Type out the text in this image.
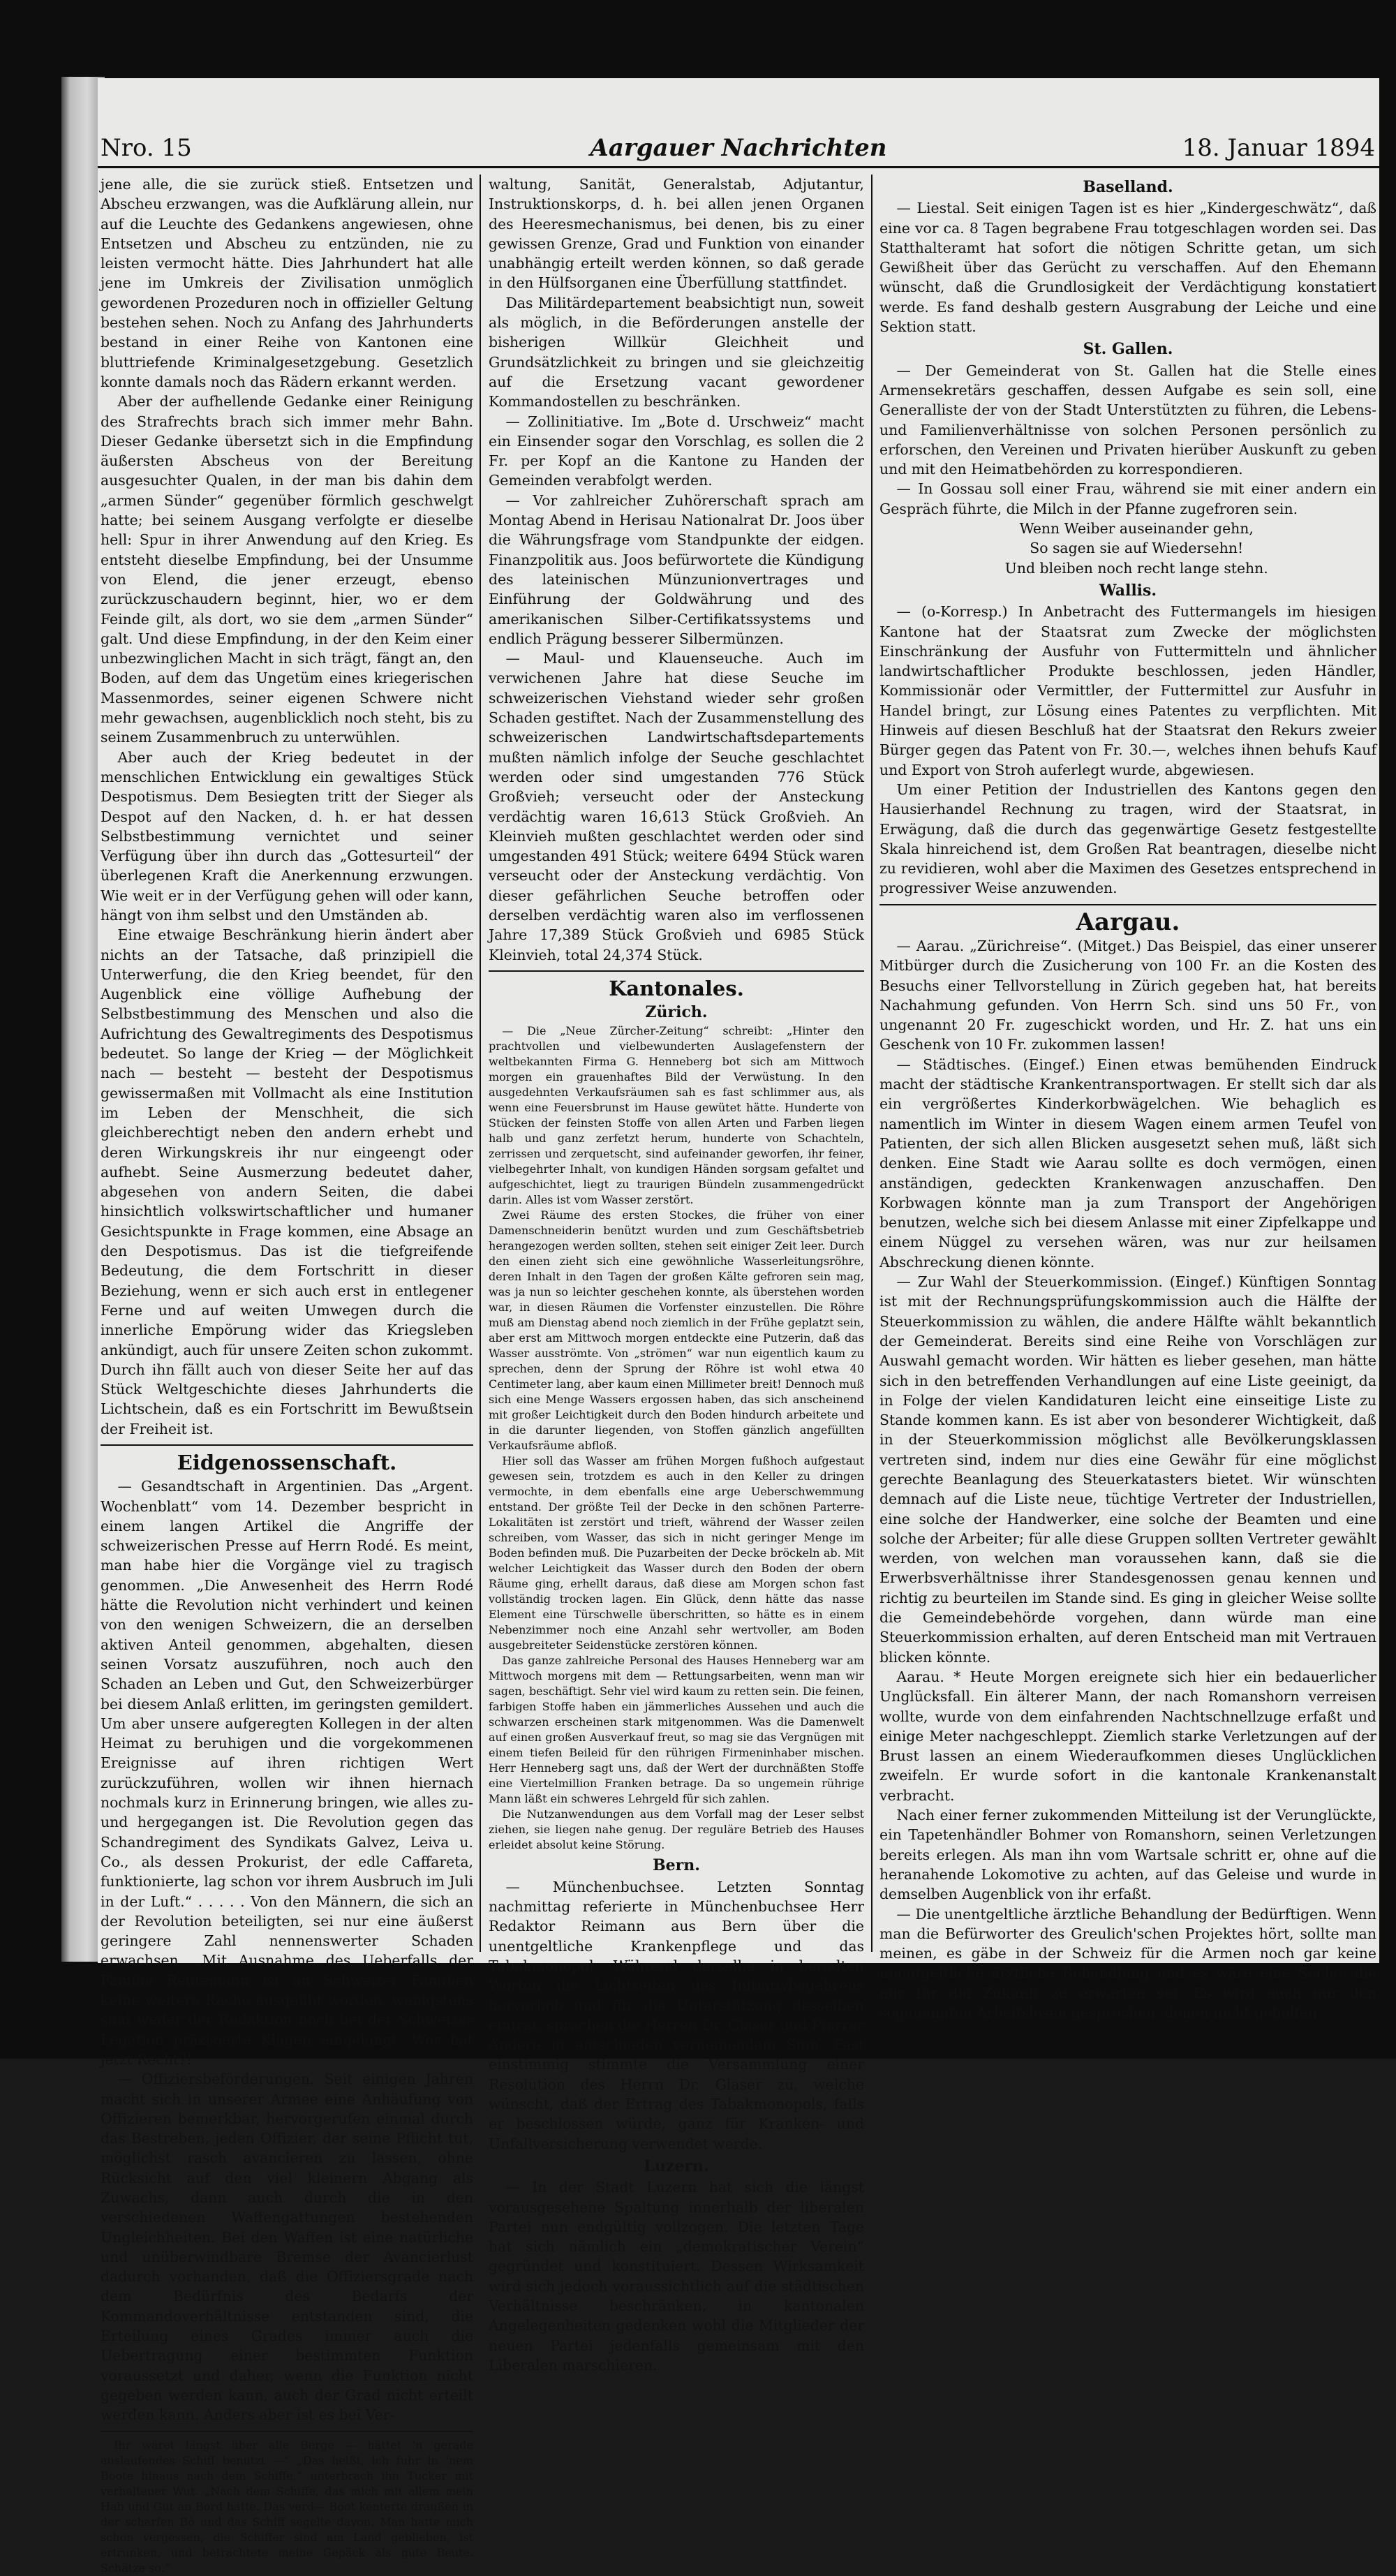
Nro. 15	Aargauer Nachrichten	18. Januar 1894

jene alle, die sie zurück stieß. Entsetzen und Abscheu erzwangen, was die Aufklärung allein, nur auf die Leuchte des Gedankens angewiesen, ohne Entsetzen und Abscheu zu entzünden, nie zu leisten vermocht hätte. Dies Jahrhundert hat alle jene im Umkreis der Zivilisation unmöglich gewordenen Prozeduren noch in offizieller Geltung bestehen sehen. Noch zu Anfang des Jahrhunderts bestand in einer Reihe von Kantonen eine bluttriefende Kriminalgesetzgebung. Gesetzlich konnte damals noch das Rädern erkannt werden.

Aber der aufhellende Gedanke einer Reinigung des Strafrechts brach sich immer mehr Bahn. Dieser Gedanke übersetzt sich in die Empfindung äußersten Abscheus von der Bereitung ausgesuchter Qualen, in der man bis dahin dem „armen Sünder“ gegenüber förmlich geschwelgt hatte; bei seinem Ausgang verfolgte er dieselbe hell: Spur in ihrer Anwendung auf den Krieg. Es entsteht dieselbe Empfindung, bei der Unsumme von Elend, die jener erzeugt, ebenso zurückzuschaudern beginnt, hier, wo er dem Feinde gilt, als dort, wo sie dem „armen Sünder“ galt. Und diese Empfindung, in der den Keim einer unbezwinglichen Macht in sich trägt, fängt an, den Boden, auf dem das Ungetüm eines kriegerischen Massenmordes, seiner eigenen Schwere nicht mehr gewachsen, augenblicklich noch steht, bis zu seinem Zusammenbruch zu unterwühlen.

Aber auch der Krieg bedeutet in der menschlichen Entwicklung ein gewaltiges Stück Despotismus. Dem Besiegten tritt der Sieger als Despot auf den Nacken, d. h. er hat dessen Selbstbestimmung vernichtet und seiner Verfügung über ihn durch das „Gottesurteil“ der überlegenen Kraft die Anerkennung erzwungen. Wie weit er in der Verfügung gehen will oder kann, hängt von ihm selbst und den Umständen ab.

Eine etwaige Beschränkung hierin ändert aber nichts an der Tatsache, daß prinzipiell die Unterwerfung, die den Krieg beendet, für den Augenblick eine völlige Aufhebung der Selbstbestimmung des Menschen und also die Aufrichtung des Gewaltregiments des Despotismus bedeutet. So lange der Krieg — der Möglichkeit nach — besteht — besteht der Despotismus gewissermaßen mit Vollmacht als eine Institution im Leben der Menschheit, die sich gleichberechtigt neben den andern erhebt und deren Wirkungskreis ihr nur eingeengt oder aufhebt. Seine Ausmerzung bedeutet daher, abgesehen von andern Seiten, die dabei hinsichtlich volkswirtschaftlicher und humaner Gesichtspunkte in Frage kommen, eine Absage an den Despotismus. Das ist die tiefgreifende Bedeutung, die dem Fortschritt in dieser Beziehung, wenn er sich auch erst in entlegener Ferne und auf weiten Umwegen durch die innerliche Empörung wider das Kriegsleben ankündigt, auch für unsere Zeiten schon zukommt. Durch ihn fällt auch von dieser Seite her auf das Stück Weltgeschichte dieses Jahrhunderts die Lichtschein, daß es ein Fortschritt im Bewußtsein der Freiheit ist.

Eidgenossenschaft.

— Gesandtschaft in Argentinien. Das „Argent. Wochenblatt“ vom 14. Dezember bespricht in einem langen Artikel die Angriffe der schweizerischen Presse auf Herrn Rodé. Es meint, man habe hier die Vorgänge viel zu tragisch genommen. „Die Anwesenheit des Herrn Rodé hätte die Revolution nicht verhindert und keinen von den wenigen Schweizern, die an derselben aktiven Anteil genommen, abgehalten, diesen seinen Vorsatz auszuführen, noch auch den Schaden an Leben und Gut, den Schweizerbürger bei diesem Anlaß erlitten, im geringsten gemildert. Um aber unsere aufgeregten Kollegen in der alten Heimat zu beruhigen und die vorgekommenen Ereignisse auf ihren richtigen Wert zurückzuführen, wollen wir ihnen hiernach nochmals kurz in Erinnerung bringen, wie alles zu- und hergegangen ist. Die Revolution gegen das Schandregiment des Syndikats Galvez, Leiva u. Co., als dessen Prokurist, der edle Caffareta, funktionierte, lag schon vor ihrem Ausbruch im Juli in der Luft.“ . . . . . Von den Männern, die sich an der Revolution beteiligten, sei nur eine äußerst geringere Zahl nennenswerter Schaden erwachsen. „Mit Ausnahme des Ueberfalls der Familie Reutemann ist an Schweizer Familien keine weitere Rache ausgeübt worden, wenigstens sind weder der Redaktion noch bei der Schweizer Legation präzisierte Klagen eingelangt. Wer hat jetzt Recht?!

— Offiziersbeförderungen. Seit einigen Jahren macht sich in unserer Armee eine Anhäufung von Offizieren bemerkbar, hervorgerufen einmal durch das Bestreben, jeden Offizier, der seine Pflicht tut, möglichst rasch avancieren zu lassen, ohne Rücksicht auf den viel kleinern Abgang als Zuwachs, dann auch durch die in den verschiedenen Waffengattungen bestehenden Ungleichheiten. Bei den Waffen ist eine natürliche und unüberwindbare Bremse der Avancierlust dadurch vorhanden, daß die Offiziersgrade nach dem Bedürfnis des Bedarfs der Kommandoverhältnisse entstanden sind, die Erteilung eines Grades immer auch die Uebertragung einer bestimmten Funktion voraussetzt und daher, wenn die Funktion nicht gegeben werden kann, auch der Grad nicht erteilt werden kann. Anders aber ist es bei Ver-

Ihr wäret längst über alle Berge — hättet 'n gerade auslaufendes Schiff benutzt —“ „Das heißt, ich fuhr in 'nem Boote hinaus nach dem Schiffe,“ unterbrach ihn Tucker mit verhaltener Wut. „Nach dem Schiffe, das mich mit allem mein Hab und Gut an Bord hatte. Das verd— Boot kenterte draußen in der scharfen Bö und das Schiff segelte davon. Man hatte mich schon vergessen, die Schiffer sind am Land geblieben, ist ertrunken, und betrachtete meine Gepäck als gute Beute. Schätze so.“

waltung, Sanität, Generalstab, Adjutantur, Instruktionskorps, d. h. bei allen jenen Organen des Heeresmechanismus, bei denen, bis zu einer gewissen Grenze, Grad und Funktion von einander unabhängig erteilt werden können, so daß gerade in den Hülfsorganen eine Überfüllung stattfindet.

Das Militärdepartement beabsichtigt nun, soweit als möglich, in die Beförderungen anstelle der bisherigen Willkür Gleichheit und Grundsätzlichkeit zu bringen und sie gleichzeitig auf die Ersetzung vacant gewordener Kommandostellen zu beschränken.

— Zollinitiative. Im „Bote d. Urschweiz“ macht ein Einsender sogar den Vorschlag, es sollen die 2 Fr. per Kopf an die Kantone zu Handen der Gemeinden verabfolgt werden.

— Vor zahlreicher Zuhörerschaft sprach am Montag Abend in Herisau Nationalrat Dr. Joos über die Währungsfrage vom Standpunkte der eidgen. Finanzpolitik aus. Joos befürwortete die Kündigung des lateinischen Münzunionvertrages und Einführung der Goldwährung und des amerikanischen Silber-Certifikatssystems und endlich Prägung besserer Silbermünzen.

— Maul- und Klauenseuche. Auch im verwichenen Jahre hat diese Seuche im schweizerischen Viehstand wieder sehr großen Schaden gestiftet. Nach der Zusammenstellung des schweizerischen Landwirtschaftsdepartements mußten nämlich infolge der Seuche geschlachtet werden oder sind umgestanden 776 Stück Großvieh; verseucht oder der Ansteckung verdächtig waren 16,613 Stück Großvieh. An Kleinvieh mußten geschlachtet werden oder sind umgestanden 491 Stück; weitere 6494 Stück waren verseucht oder der Ansteckung verdächtig. Von dieser gefährlichen Seuche betroffen oder derselben verdächtig waren also im verflossenen Jahre 17,389 Stück Großvieh und 6985 Stück Kleinvieh, total 24,374 Stück.

Kantonales.
Zürich.

— Die „Neue Zürcher-Zeitung“ schreibt: „Hinter den prachtvollen und vielbewunderten Auslagefenstern der weltbekannten Firma G. Henneberg bot sich am Mittwoch morgen ein grauenhaftes Bild der Verwüstung. In den ausgedehnten Verkaufsräumen sah es fast schlimmer aus, als wenn eine Feuersbrunst im Hause gewütet hätte. Hunderte von Stücken der feinsten Stoffe von allen Arten und Farben liegen halb und ganz zerfetzt herum, hunderte von Schachteln, zerrissen und zerquetscht, sind aufeinander geworfen, ihr feiner, vielbegehrter Inhalt, von kundigen Händen sorgsam gefaltet und aufgeschichtet, liegt zu traurigen Bündeln zusammengedrückt darin. Alles ist vom Wasser zerstört.

Zwei Räume des ersten Stockes, die früher von einer Damenschneiderin benützt wurden und zum Geschäftsbetrieb herangezogen werden sollten, stehen seit einiger Zeit leer. Durch den einen zieht sich eine gewöhnliche Wasserleitungsröhre, deren Inhalt in den Tagen der großen Kälte gefroren sein mag, was ja nun so leichter geschehen konnte, als überstehen worden war, in diesen Räumen die Vorfenster einzustellen. Die Röhre muß am Dienstag abend noch ziemlich in der Frühe geplatzt sein, aber erst am Mittwoch morgen entdeckte eine Putzerin, daß das Wasser ausströmte. Von „strömen“ war nun eigentlich kaum zu sprechen, denn der Sprung der Röhre ist wohl etwa 40 Centimeter lang, aber kaum einen Millimeter breit! Dennoch muß sich eine Menge Wassers ergossen haben, das sich anscheinend mit großer Leichtigkeit durch den Boden hindurch arbeitete und in die darunter liegenden, von Stoffen gänzlich angefüllten Verkaufsräume abfloß.

Hier soll das Wasser am frühen Morgen fußhoch aufgestaut gewesen sein, trotzdem es auch in den Keller zu dringen vermochte, in dem ebenfalls eine arge Ueberschwemmung entstand. Der größte Teil der Decke in den schönen Parterre-Lokalitäten ist zerstört und trieft, während der Wasser zeilen schreiben, vom Wasser, das sich in nicht geringer Menge im Boden befinden muß. Die Puzarbeiten der Decke bröckeln ab. Mit welcher Leichtigkeit das Wasser durch den Boden der obern Räume ging, erhellt daraus, daß diese am Morgen schon fast vollständig trocken lagen. Ein Glück, denn hätte das nasse Element eine Türschwelle überschritten, so hätte es in einem Nebenzimmer noch eine Anzahl sehr wertvoller, am Boden ausgebreiteter Seidenstücke zerstören können.

Das ganze zahlreiche Personal des Hauses Henneberg war am Mittwoch morgens mit dem — Rettungsarbeiten, wenn man wir sagen, beschäftigt. Sehr viel wird kaum zu retten sein. Die feinen, farbigen Stoffe haben ein jämmerliches Aussehen und auch die schwarzen erscheinen stark mitgenommen. Was die Damenwelt auf einen großen Ausverkauf freut, so mag sie das Vergnügen mit einem tiefen Beileid für den rührigen Firmeninhaber mischen. Herr Henneberg sagt uns, daß der Wert der durchnäßten Stoffe eine Viertelmillion Franken betrage. Da so ungemein rührige Mann läßt ein schweres Lehrgeld für sich zahlen.

Die Nutzanwendungen aus dem Vorfall mag der Leser selbst ziehen, sie liegen nahe genug. Der reguläre Betrieb des Hauses erleidet absolut keine Störung.

Bern.

— Münchenbuchsee. Letzten Sonntag nachmittag referierte in Münchenbuchsee Herr Redaktor Reimann aus Bern über die unentgeltliche Krankenpflege und das Tabakmonopol. Während derselbe in beredten Worten die Lichtseiten des Initiativbegehrens hervorhob und für die Unterstützung desselben eintrat, sprachen die Herren Dr. Glaser und Pfarrer Andere in entschieden verneinendem Sinn. Fast einstimmig stimmte die Versammlung einer Resolution des Herrn Dr. Glaser zu, welche wünscht, daß der Ertrag des Tabakmonopols, falls er beschlossen würde, ganz für Kranken- und Unfallversicherung verwendet werde.

Luzern.

— In der Stadt Luzern hat sich die längst vorausgesehene Spaltung innerhalb der liberalen Partei nun endgültig vollzogen. Die letzten Tage hat sich nämlich ein „demokratischer Verein“ gegründet und konstituiert. Dessen Wirksamkeit wird sich jedoch voraussichtlich auf die städtischen Verhältnisse beschränken, in kantonalen Angelegenheiten gedenken wohl die Mitglieder der neuen Partei jedenfalls gemeinsam mit den Liberalen marschieren.

Baselland.

— Liestal. Seit einigen Tagen ist es hier „Kindergeschwätz“, daß eine vor ca. 8 Tagen begrabene Frau totgeschlagen worden sei. Das Statthalteramt hat sofort die nötigen Schritte getan, um sich Gewißheit über das Gerücht zu verschaffen. Auf den Ehemann wünscht, daß die Grundlosigkeit der Verdächtigung konstatiert werde. Es fand deshalb gestern Ausgrabung der Leiche und eine Sektion statt.

St. Gallen.

— Der Gemeinderat von St. Gallen hat die Stelle eines Armensekretärs geschaffen, dessen Aufgabe es sein soll, eine Generalliste der von der Stadt Unterstützten zu führen, die Lebens- und Familienverhältnisse von solchen Personen persönlich zu erforschen, den Vereinen und Privaten hierüber Auskunft zu geben und mit den Heimatbehörden zu korrespondieren.

— In Gossau soll einer Frau, während sie mit einer andern ein Gespräch führte, die Milch in der Pfanne zugefroren sein.

Wenn Weiber auseinander gehn,

So sagen sie auf Wiedersehn!

Und bleiben noch recht lange stehn.

Wallis.

— (o-Korresp.) In Anbetracht des Futtermangels im hiesigen Kantone hat der Staatsrat zum Zwecke der möglichsten Einschränkung der Ausfuhr von Futtermitteln und ähnlicher landwirtschaftlicher Produkte beschlossen, jeden Händler, Kommissionär oder Vermittler, der Futtermittel zur Ausfuhr in Handel bringt, zur Lösung eines Patentes zu verpflichten. Mit Hinweis auf diesen Beschluß hat der Staatsrat den Rekurs zweier Bürger gegen das Patent von Fr. 30.—, welches ihnen behufs Kauf und Export von Stroh auferlegt wurde, abgewiesen.

Um einer Petition der Industriellen des Kantons gegen den Hausierhandel Rechnung zu tragen, wird der Staatsrat, in Erwägung, daß die durch das gegenwärtige Gesetz festgestellte Skala hinreichend ist, dem Großen Rat beantragen, dieselbe nicht zu revidieren, wohl aber die Maximen des Gesetzes entsprechend in progressiver Weise anzuwenden.

Aargau.

— Aarau. „Zürichreise“. (Mitget.) Das Beispiel, das einer unserer Mitbürger durch die Zusicherung von 100 Fr. an die Kosten des Besuchs einer Tellvorstellung in Zürich gegeben hat, hat bereits Nachahmung gefunden. Von Herrn Sch. sind uns 50 Fr., von ungenannt 20 Fr. zugeschickt worden, und Hr. Z. hat uns ein Geschenk von 10 Fr. zukommen lassen!

— Städtisches. (Eingef.) Einen etwas bemühenden Eindruck macht der städtische Krankentransportwagen. Er stellt sich dar als ein vergrößertes Kinderkorbwägelchen. Wie behaglich es namentlich im Winter in diesem Wagen einem armen Teufel von Patienten, der sich allen Blicken ausgesetzt sehen muß, läßt sich denken. Eine Stadt wie Aarau sollte es doch vermögen, einen anständigen, gedeckten Krankenwagen anzuschaffen. Den Korbwagen könnte man ja zum Transport der Angehörigen benutzen, welche sich bei diesem Anlasse mit einer Zipfelkappe und einem Nüggel zu versehen wären, was nur zur heilsamen Abschreckung dienen könnte.

— Zur Wahl der Steuerkommission. (Eingef.) Künftigen Sonntag ist mit der Rechnungsprüfungskommission auch die Hälfte der Steuerkommission zu wählen, die andere Hälfte wählt bekanntlich der Gemeinderat. Bereits sind eine Reihe von Vorschlägen zur Auswahl gemacht worden. Wir hätten es lieber gesehen, man hätte sich in den betreffenden Verhandlungen auf eine Liste geeinigt, da in Folge der vielen Kandidaturen leicht eine einseitige Liste zu Stande kommen kann. Es ist aber von besonderer Wichtigkeit, daß in der Steuerkommission möglichst alle Bevölkerungsklassen vertreten sind, indem nur dies eine Gewähr für eine möglichst gerechte Beanlagung des Steuerkatasters bietet. Wir wünschten demnach auf die Liste neue, tüchtige Vertreter der Industriellen, eine solche der Handwerker, eine solche der Beamten und eine solche der Arbeiter; für alle diese Gruppen sollten Vertreter gewählt werden, von welchen man voraussehen kann, daß sie die Erwerbsverhältnisse ihrer Standesgenossen genau kennen und richtig zu beurteilen im Stande sind. Es ging in gleicher Weise sollte die Gemeindebehörde vorgehen, dann würde man eine Steuerkommission erhalten, auf deren Entscheid man mit Vertrauen blicken könnte.

Aarau. * Heute Morgen ereignete sich hier ein bedauerlicher Unglücksfall. Ein älterer Mann, der nach Romanshorn verreisen wollte, wurde von dem einfahrenden Nachtschnellzuge erfaßt und einige Meter nachgeschleppt. Ziemlich starke Verletzungen auf der Brust lassen an einem Wiederaufkommen dieses Unglücklichen zweifeln. Er wurde sofort in die kantonale Krankenanstalt verbracht.

Nach einer ferner zukommenden Mitteilung ist der Verunglückte, ein Tapetenhändler Bohmer von Romanshorn, seinen Verletzungen bereits erlegen. Als man ihn vom Wartsale schritt er, ohne auf die heranahende Lokomotive zu achten, auf das Geleise und wurde in demselben Augenblick von ihr erfaßt.

— Die unentgeltliche ärztliche Behandlung der Bedürftigen. Wenn man die Befürworter des Greulich'schen Projektes hört, sollte man meinen, es gäbe in der Schweiz für die Armen noch gar keine unentgeltliche ärztliche Behandlung und es wäre eine Sache, die nur für die Zukunft zu erwarten sei. Es wird auch nur den sogenannten Arbeitslosen gesprochen, denen nicht geholfen
